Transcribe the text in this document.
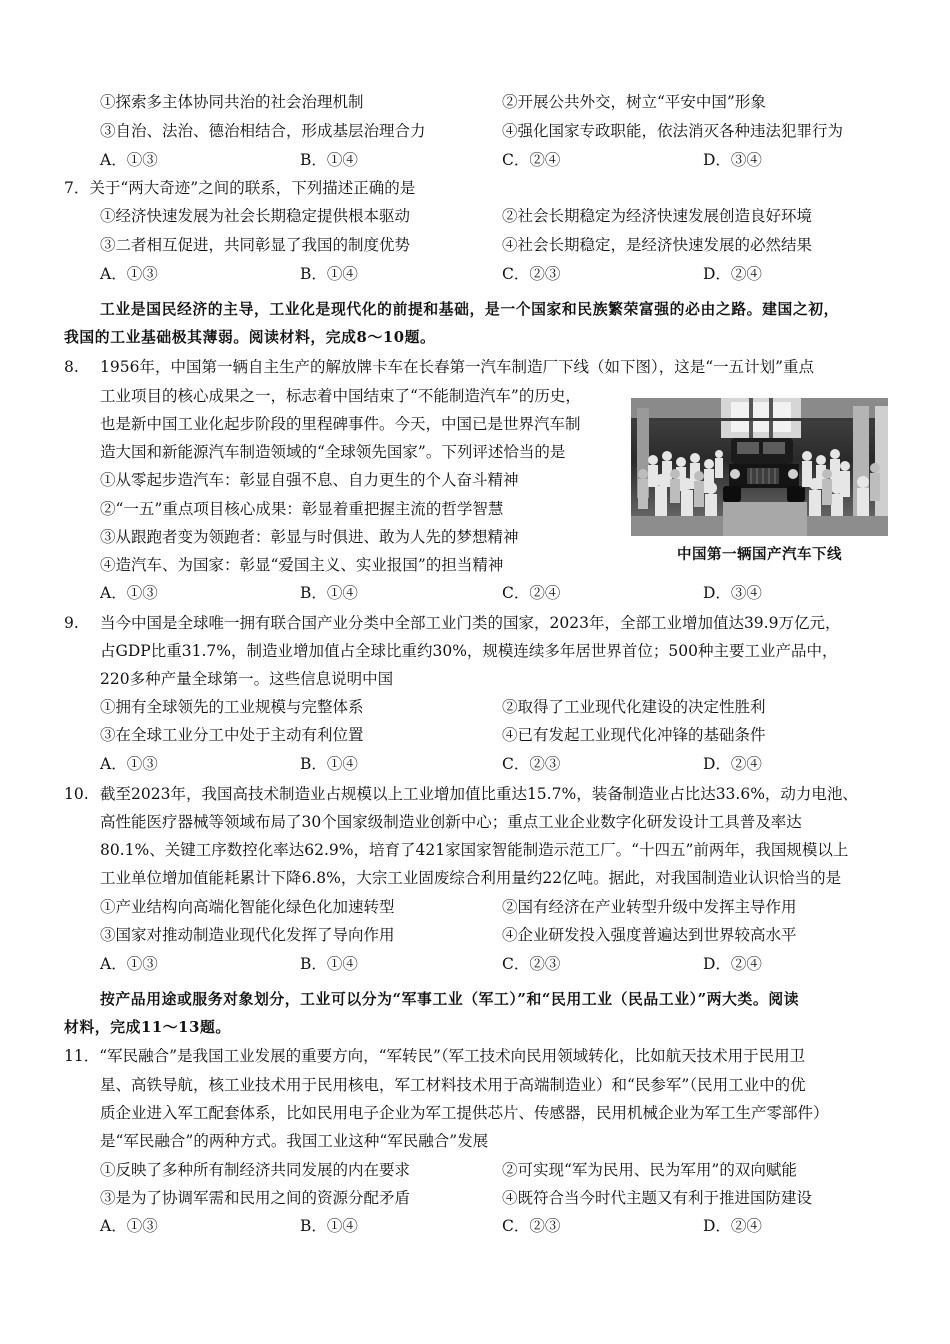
①探索多主体协同共治的社会治理机制	②开展公共外交，树立“平安中国”形象
③自治、法治、德治相结合，形成基层治理合力	④强化国家专政职能，依法消灭各种违法犯罪行为
A．①③	B．①④	C．②④	D．③④
7．关于“两大奇迹”之间的联系，下列描述正确的是
①经济快速发展为社会长期稳定提供根本驱动	②社会长期稳定为经济快速发展创造良好环境
③二者相互促进，共同彰显了我国的制度优势	④社会长期稳定，是经济快速发展的必然结果
A．①③	B．①④	C．②③	D．②④
工业是国民经济的主导，工业化是现代化的前提和基础，是一个国家和民族繁荣富强的必由之路。建国之初，
我国的工业基础极其薄弱。阅读材料，完成8～10题。
8. 1956年，中国第一辆自主生产的解放牌卡车在长春第一汽车制造厂下线（如下图），这是“一五计划”重点
工业项目的核心成果之一，标志着中国结束了“不能制造汽车”的历史，
也是新中国工业化起步阶段的里程碑事件。今天，中国已是世界汽车制
造大国和新能源汽车制造领域的“全球领先国家”。下列评述恰当的是
①从零起步造汽车：彰显自强不息、自力更生的个人奋斗精神
②“一五”重点项目核心成果：彰显着重把握主流的哲学智慧
③从跟跑者变为领跑者：彰显与时俱进、敢为人先的梦想精神
④造汽车、为国家：彰显“爱国主义、实业报国”的担当精神
中国第一辆国产汽车下线
A．①③	B．①④	C．②④	D．③④
9. 当今中国是全球唯一拥有联合国产业分类中全部工业门类的国家，2023年，全部工业增加值达39.9万亿元，
占GDP比重31.7%，制造业增加值占全球比重约30%，规模连续多年居世界首位；500种主要工业产品中，
220多种产量全球第一。这些信息说明中国
①拥有全球领先的工业规模与完整体系	②取得了工业现代化建设的决定性胜利
③在全球工业分工中处于主动有利位置	④已有发起工业现代化冲锋的基础条件
A．①③	B．①④	C．②③	D．②④
10. 截至2023年，我国高技术制造业占规模以上工业增加值比重达15.7%，装备制造业占比达33.6%，动力电池、
高性能医疗器械等领域布局了30个国家级制造业创新中心；重点工业企业数字化研发设计工具普及率达
80.1%、关键工序数控化率达62.9%，培育了421家国家智能制造示范工厂。“十四五”前两年，我国规模以上
工业单位增加值能耗累计下降6.8%，大宗工业固废综合利用量约22亿吨。据此，对我国制造业认识恰当的是
①产业结构向高端化智能化绿色化加速转型	②国有经济在产业转型升级中发挥主导作用
③国家对推动制造业现代化发挥了导向作用	④企业研发投入强度普遍达到世界较高水平
A．①③	B．①④	C．②③	D．②④
按产品用途或服务对象划分，工业可以分为“军事工业（军工）”和“民用工业（民品工业）”两大类。阅读
材料，完成11～13题。
11．“军民融合”是我国工业发展的重要方向，“军转民”（军工技术向民用领域转化，比如航天技术用于民用卫
星、高铁导航，核工业技术用于民用核电，军工材料技术用于高端制造业）和“民参军”（民用工业中的优
质企业进入军工配套体系，比如民用电子企业为军工提供芯片、传感器，民用机械企业为军工生产零部件）
是“军民融合”的两种方式。我国工业这种“军民融合”发展
①反映了多种所有制经济共同发展的内在要求	②可实现“军为民用、民为军用”的双向赋能
③是为了协调军需和民用之间的资源分配矛盾	④既符合当今时代主题又有利于推进国防建设
A．①③	B．①④	C．②③	D．②④
